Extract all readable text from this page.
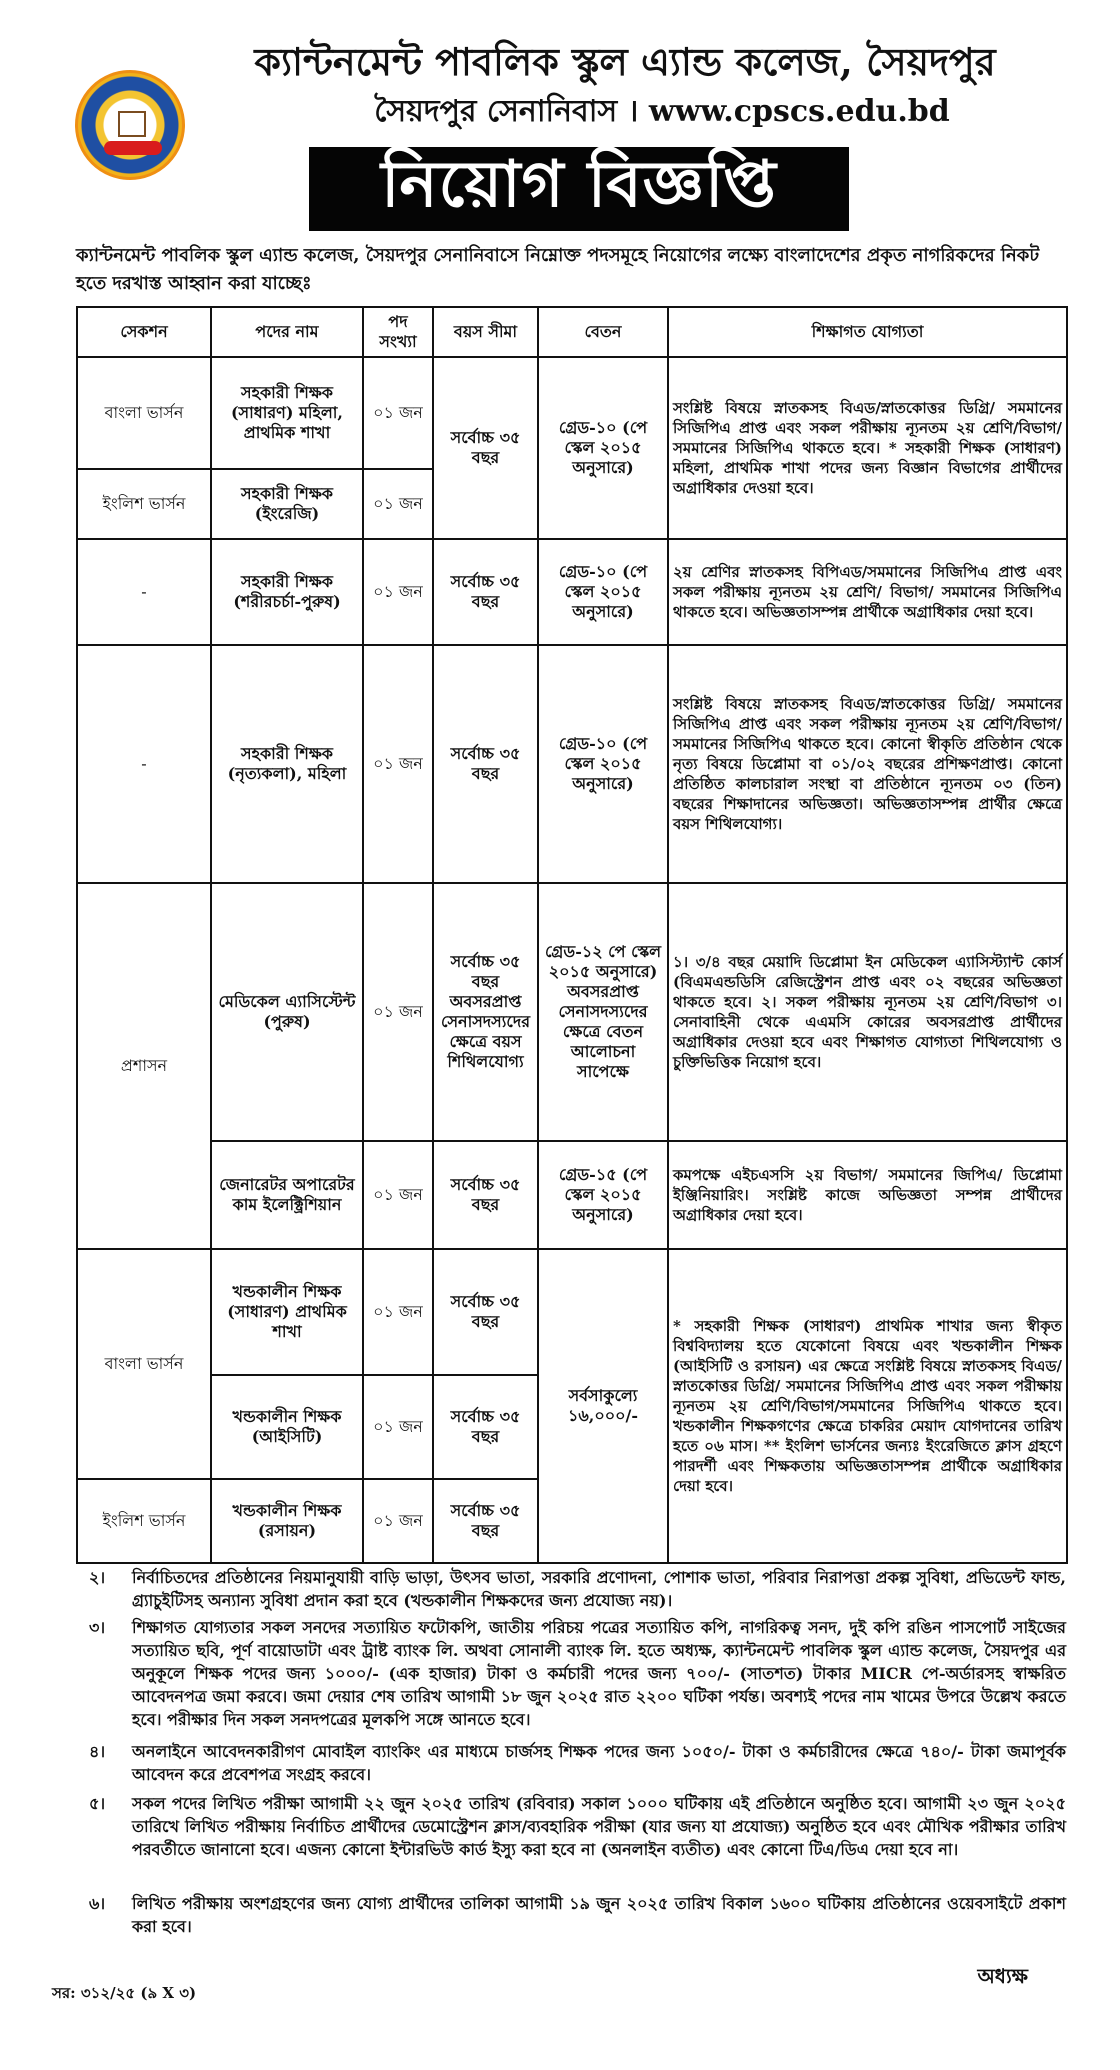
ক্যান্টনমেন্ট পাবলিক স্কুল এ্যান্ড কলেজ, সৈয়দপুর
সৈয়দপুর সেনানিবাস । www.cpscs.edu.bd
নিয়োগ বিজ্ঞপ্তি
ক্যান্টনমেন্ট পাবলিক স্কুল এ্যান্ড কলেজ, সৈয়দপুর সেনানিবাসে নিম্নোক্ত পদসমূহে নিয়োগের লক্ষ্যে বাংলাদেশের প্রকৃত নাগরিকদের নিকট হতে দরখাস্ত আহ্বান করা যাচ্ছেঃ
সেকশন	পদের নাম	পদ সংখ্যা	বয়স সীমা	বেতন	শিক্ষাগত যোগ্যতা
বাংলা ভার্সন	সহকারী শিক্ষক (সাধারণ) মহিলা, প্রাথমিক শাখা	০১ জন	সর্বোচ্চ ৩৫ বছর	গ্রেড-১০ (পে স্কেল ২০১৫ অনুসারে)	সংশ্লিষ্ট বিষয়ে স্নাতকসহ বিএড/স্নাতকোত্তর ডিগ্রি/ সমমানের সিজিপিএ প্রাপ্ত এবং সকল পরীক্ষায় ন্যূনতম ২য় শ্রেণি/বিভাগ/সমমানের সিজিপিএ থাকতে হবে। * সহকারী শিক্ষক (সাধারণ) মহিলা, প্রাথমিক শাখা পদের জন্য বিজ্ঞান বিভাগের প্রার্থীদের অগ্রাধিকার দেওয়া হবে।
ইংলিশ ভার্সন	সহকারী শিক্ষক (ইংরেজি)	০১ জন			
-	সহকারী শিক্ষক (শরীরচর্চা-পুরুষ)	০১ জন	সর্বোচ্চ ৩৫ বছর	গ্রেড-১০ (পে স্কেল ২০১৫ অনুসারে)	২য় শ্রেণির স্নাতকসহ বিপিএড/সমমানের সিজিপিএ প্রাপ্ত এবং সকল পরীক্ষায় ন্যূনতম ২য় শ্রেণি/ বিভাগ/ সমমানের সিজিপিএ থাকতে হবে। অভিজ্ঞতাসম্পন্ন প্রার্থীকে অগ্রাধিকার দেয়া হবে।
-	সহকারী শিক্ষক (নৃত্যকলা), মহিলা	০১ জন	সর্বোচ্চ ৩৫ বছর	গ্রেড-১০ (পে স্কেল ২০১৫ অনুসারে)	সংশ্লিষ্ট বিষয়ে স্নাতকসহ বিএড/স্নাতকোত্তর ডিগ্রি/ সমমানের সিজিপিএ প্রাপ্ত এবং সকল পরীক্ষায় ন্যূনতম ২য় শ্রেণি/বিভাগ/সমমানের সিজিপিএ থাকতে হবে। কোনো স্বীকৃতি প্রতিষ্ঠান থেকে নৃত্য বিষয়ে ডিপ্লোমা বা ০১/০২ বছরের প্রশিক্ষণপ্রাপ্ত। কোনো প্রতিষ্ঠিত কালচারাল সংস্থা বা প্রতিষ্ঠানে ন্যূনতম ০৩ (তিন) বছরের শিক্ষাদানের অভিজ্ঞতা। অভিজ্ঞতাসম্পন্ন প্রার্থীর ক্ষেত্রে বয়স শিথিলযোগ্য।
প্রশাসন	মেডিকেল এ্যাসিস্টেন্ট (পুরুষ)	০১ জন	সর্বোচ্চ ৩৫ বছর অবসরপ্রাপ্ত সেনাসদস্যদের ক্ষেত্রে বয়স শিথিলযোগ্য	গ্রেড-১২ পে স্কেল ২০১৫ অনুসারে) অবসরপ্রাপ্ত সেনাসদস্যদের ক্ষেত্রে বেতন আলোচনা সাপেক্ষে	১। ৩/৪ বছর মেয়াদি ডিপ্লোমা ইন মেডিকেল এ্যাসিস্ট্যান্ট কোর্স (বিএমএন্ডডিসি রেজিস্ট্রেশন প্রাপ্ত এবং ০২ বছরের অভিজ্ঞতা থাকতে হবে। ২। সকল পরীক্ষায় ন্যূনতম ২য় শ্রেণি/বিভাগ ৩। সেনাবাহিনী থেকে এএমসি কোরের অবসরপ্রাপ্ত প্রার্থীদের অগ্রাধিকার দেওয়া হবে এবং শিক্ষাগত যোগ্যতা শিথিলযোগ্য ও চুক্তিভিত্তিক নিয়োগ হবে।
	জেনারেটর অপারেটর কাম ইলেক্ট্রিশিয়ান	০১ জন	সর্বোচ্চ ৩৫ বছর	গ্রেড-১৫ (পে স্কেল ২০১৫ অনুসারে)	কমপক্ষে এইচএসসি ২য় বিভাগ/ সমমানের জিপিএ/ ডিপ্লোমা ইঞ্জিনিয়ারিং। সংশ্লিষ্ট কাজে অভিজ্ঞতা সম্পন্ন প্রার্থীদের অগ্রাধিকার দেয়া হবে।
বাংলা ভার্সন	খন্ডকালীন শিক্ষক (সাধারণ) প্রাথমিক শাখা	০১ জন	সর্বোচ্চ ৩৫ বছর	সর্বসাকুল্যে ১৬,০০০/-	* সহকারী শিক্ষক (সাধারণ) প্রাথমিক শাখার জন্য স্বীকৃত বিশ্ববিদ্যালয় হতে যেকোনো বিষয়ে এবং খন্ডকালীন শিক্ষক (আইসিটি ও রসায়ন) এর ক্ষেত্রে সংশ্লিষ্ট বিষয়ে স্নাতকসহ বিএড/স্নাতকোত্তর ডিগ্রি/ সমমানের সিজিপিএ প্রাপ্ত এবং সকল পরীক্ষায় ন্যূনতম ২য় শ্রেণি/বিভাগ/সমমানের সিজিপিএ থাকতে হবে। খন্ডকালীন শিক্ষকগণের ক্ষেত্রে চাকরির মেয়াদ যোগদানের তারিখ হতে ০৬ মাস। ** ইংলিশ ভার্সনের জন্যঃ ইংরেজিতে ক্লাস গ্রহণে পারদর্শী এবং শিক্ষকতায় অভিজ্ঞতাসম্পন্ন প্রার্থীকে অগ্রাধিকার দেয়া হবে।
	খন্ডকালীন শিক্ষক (আইসিটি)	০১ জন	সর্বোচ্চ ৩৫ বছর		
ইংলিশ ভার্সন	খন্ডকালীন শিক্ষক (রসায়ন)	০১ জন	সর্বোচ্চ ৩৫ বছর		
২।	নির্বাচিতদের প্রতিষ্ঠানের নিয়মানুযায়ী বাড়ি ভাড়া, উৎসব ভাতা, সরকারি প্রণোদনা, পোশাক ভাতা, পরিবার নিরাপত্তা প্রকল্প সুবিধা, প্রভিডেন্ট ফান্ড, গ্র্যাচুইটিসহ অন্যান্য সুবিধা প্রদান করা হবে (খন্ডকালীন শিক্ষকদের জন্য প্রযোজ্য নয়)।
৩।	শিক্ষাগত যোগ্যতার সকল সনদের সত্যায়িত ফটোকপি, জাতীয় পরিচয় পত্রের সত্যায়িত কপি, নাগরিকত্ব সনদ, দুই কপি রঙিন পাসপোর্ট সাইজের সত্যায়িত ছবি, পূর্ণ বায়োডাটা এবং ট্রাষ্ট ব্যাংক লি. অথবা সোনালী ব্যাংক লি. হতে অধ্যক্ষ, ক্যান্টনমেন্ট পাবলিক স্কুল এ্যান্ড কলেজ, সৈয়দপুর এর অনুকূলে শিক্ষক পদের জন্য ১০০০/- (এক হাজার) টাকা ও কর্মচারী পদের জন্য ৭০০/- (সাতশত) টাকার MICR পে-অর্ডারসহ স্বাক্ষরিত আবেদনপত্র জমা করবে। জমা দেয়ার শেষ তারিখ আগামী ১৮ জুন ২০২৫ রাত ২২০০ ঘটিকা পর্যন্ত। অবশ্যই পদের নাম খামের উপরে উল্লেখ করতে হবে। পরীক্ষার দিন সকল সনদপত্রের মূলকপি সঙ্গে আনতে হবে।
৪।	অনলাইনে আবেদনকারীগণ মোবাইল ব্যাংকিং এর মাধ্যমে চার্জসহ শিক্ষক পদের জন্য ১০৫০/- টাকা ও কর্মচারীদের ক্ষেত্রে ৭৪০/- টাকা জমাপূর্বক আবেদন করে প্রবেশপত্র সংগ্রহ করবে।
৫।	সকল পদের লিখিত পরীক্ষা আগামী ২২ জুন ২০২৫ তারিখ (রবিবার) সকাল ১০০০ ঘটিকায় এই প্রতিষ্ঠানে অনুষ্ঠিত হবে। আগামী ২৩ জুন ২০২৫ তারিখে লিখিত পরীক্ষায় নির্বাচিত প্রার্থীদের ডেমোস্ট্রেশন ক্লাস/ব্যবহারিক পরীক্ষা (যার জন্য যা প্রযোজ্য) অনুষ্ঠিত হবে এবং মৌখিক পরীক্ষার তারিখ পরবর্তীতে জানানো হবে। এজন্য কোনো ইন্টারভিউ কার্ড ইস্যু করা হবে না (অনলাইন ব্যতীত) এবং কোনো টিএ/ডিএ দেয়া হবে না।
৬।	লিখিত পরীক্ষায় অংশগ্রহণের জন্য যোগ্য প্রার্থীদের তালিকা আগামী ১৯ জুন ২০২৫ তারিখ বিকাল ১৬০০ ঘটিকায় প্রতিষ্ঠানের ওয়েবসাইটে প্রকাশ করা হবে।
সর: ৩১২/২৫ (৯ X ৩)
অধ্যক্ষ
